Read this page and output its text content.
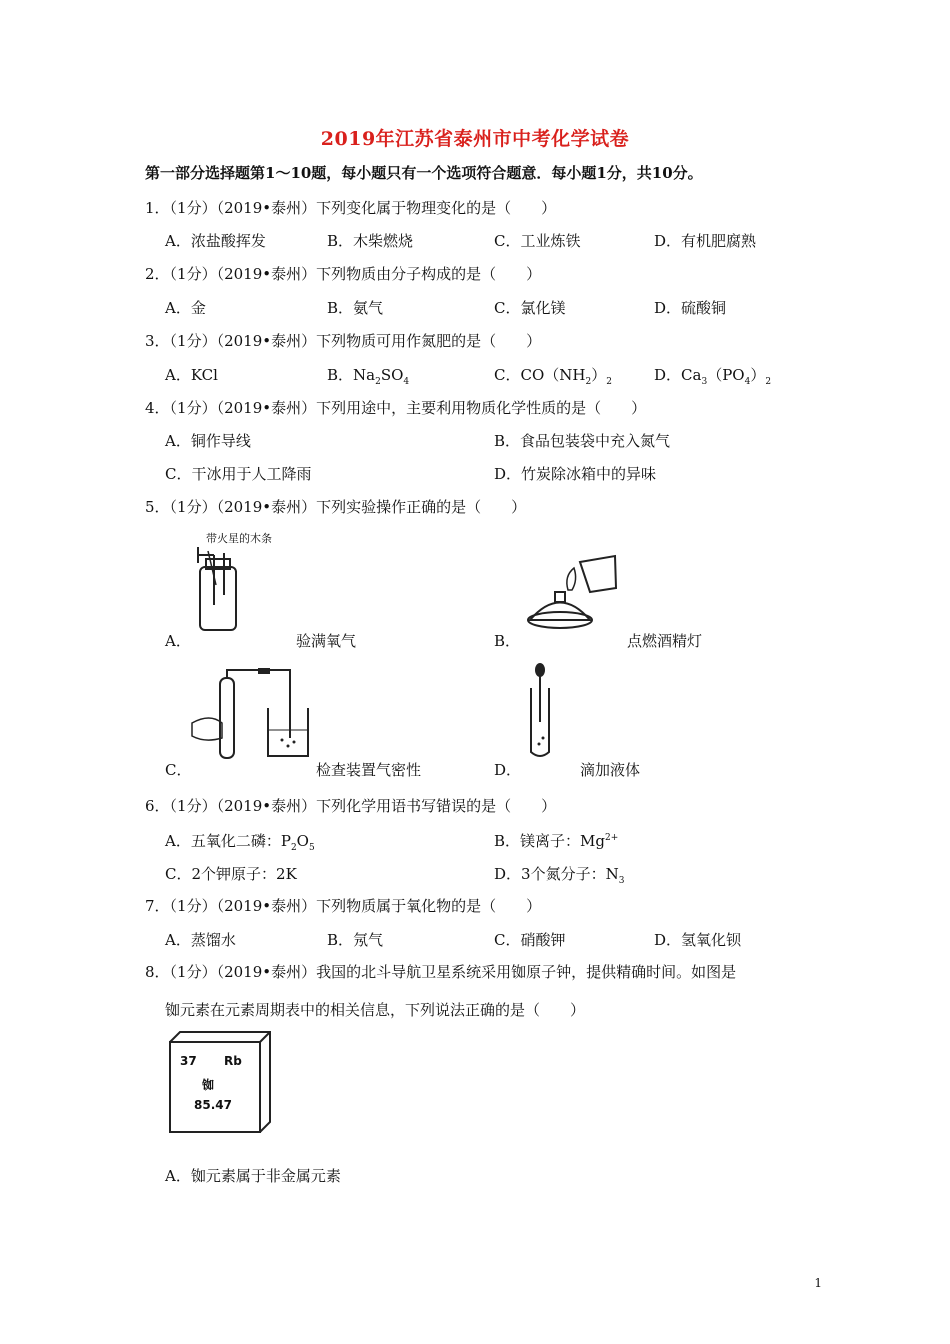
2019年江苏省泰州市中考化学试卷
第一部分选择题第1～10题，每小题只有一个选项符合题意．每小题1分，共10分。
1．（1分）（2019•泰州）下列变化属于物理变化的是（　　）
A．浓盐酸挥发	B．木柴燃烧	C．工业炼铁	D．有机肥腐熟
2．（1分）（2019•泰州）下列物质由分子构成的是（　　）
A．金	B．氨气	C．氯化镁	D．硫酸铜
3．（1分）（2019•泰州）下列物质可用作氮肥的是（　　）
A．KCl	B．$Na_2SO_4$	C．$CO(NH_2)_2$	D．$Ca_3(PO_4)_2$
4．（1分）（2019•泰州）下列用途中，主要利用物质化学性质的是（　　）
A．铜作导线	B．食品包装袋中充入氮气
C．干冰用于人工降雨	D．竹炭除冰箱中的异味
5．（1分）（2019•泰州）下列实验操作正确的是（　　）
带火星的木条
A．	验满氧气	B．	点燃酒精灯
C．	检查装置气密性	D．	滴加液体
6．（1分）（2019•泰州）下列化学用语书写错误的是（　　）
A．五氧化二磷：$P_2O_5$	B．镁离子：$Mg^{2+}$
C．2个钾原子：2K	D．3个氮分子：$N_3$
7．（1分）（2019•泰州）下列物质属于氧化物的是（　　）
A．蒸馏水	B．氖气	C．硝酸钾	D．氢氧化钡
8．（1分）（2019•泰州）我国的北斗导航卫星系统采用铷原子钟，提供精确时间。如图是
铷元素在元素周期表中的相关信息，下列说法正确的是（　　）
37 Rb
铷
85.47
A．铷元素属于非金属元素
1
